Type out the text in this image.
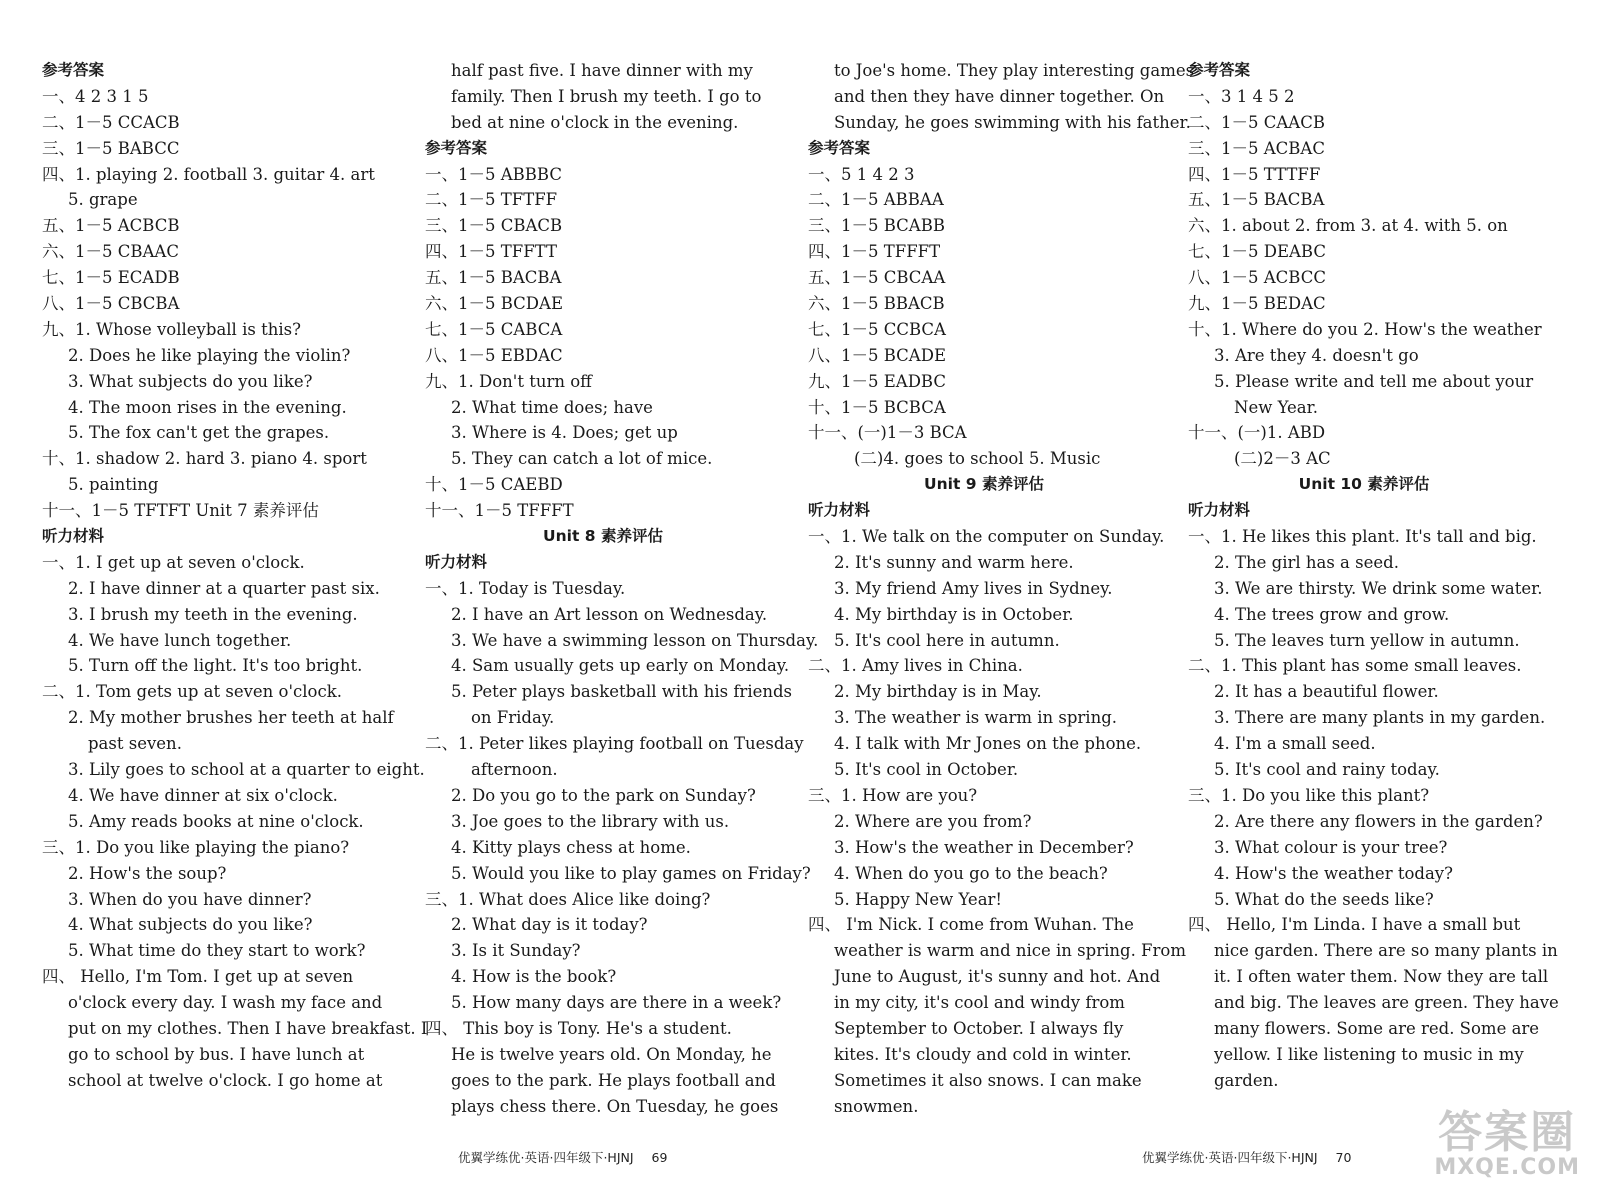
参考答案
一、4 2 3 1 5
二、1－5 CCACB
三、1－5 BABCC
四、1. playing 2. football 3. guitar 4. art
5. grape
五、1－5 ACBCB
六、1－5 CBAAC
七、1－5 ECADB
八、1－5 CBCBA
九、1. Whose volleyball is this?
2. Does he like playing the violin?
3. What subjects do you like?
4. The moon rises in the evening.
5. The fox can't get the grapes.
十、1. shadow 2. hard 3. piano 4. sport
5. painting
十一、1－5 TFTFT Unit 7 素养评估
听力材料
一、1. I get up at seven o'clock.
2. I have dinner at a quarter past six.
3. I brush my teeth in the evening.
4. We have lunch together.
5. Turn off the light. It's too bright.
二、1. Tom gets up at seven o'clock.
2. My mother brushes her teeth at half
past seven.
3. Lily goes to school at a quarter to eight.
4. We have dinner at six o'clock.
5. Amy reads books at nine o'clock.
三、1. Do you like playing the piano?
2. How's the soup?
3. When do you have dinner?
4. What subjects do you like?
5. What time do they start to work?
四、 Hello, I'm Tom. I get up at seven
o'clock every day. I wash my face and
put on my clothes. Then I have breakfast. I
go to school by bus. I have lunch at
school at twelve o'clock. I go home at
half past five. I have dinner with my
family. Then I brush my teeth. I go to
bed at nine o'clock in the evening.
参考答案
一、1－5 ABBBC
二、1－5 TFTFF
三、1－5 CBACB
四、1－5 TFFTT
五、1－5 BACBA
六、1－5 BCDAE
七、1－5 CABCA
八、1－5 EBDAC
九、1. Don't turn off
2. What time does; have
3. Where is 4. Does; get up
5. They can catch a lot of mice.
十、1－5 CAEBD
十一、1－5 TFFFT
Unit 8 素养评估
听力材料
一、1. Today is Tuesday.
2. I have an Art lesson on Wednesday.
3. We have a swimming lesson on Thursday.
4. Sam usually gets up early on Monday.
5. Peter plays basketball with his friends
on Friday.
二、1. Peter likes playing football on Tuesday
afternoon.
2. Do you go to the park on Sunday?
3. Joe goes to the library with us.
4. Kitty plays chess at home.
5. Would you like to play games on Friday?
三、1. What does Alice like doing?
2. What day is it today?
3. Is it Sunday?
4. How is the book?
5. How many days are there in a week?
四、 This boy is Tony. He's a student.
He is twelve years old. On Monday, he
goes to the park. He plays football and
plays chess there. On Tuesday, he goes
to Joe's home. They play interesting games
and then they have dinner together. On
Sunday, he goes swimming with his father.
参考答案
一、5 1 4 2 3
二、1－5 ABBAA
三、1－5 BCABB
四、1－5 TFFFT
五、1－5 CBCAA
六、1－5 BBACB
七、1－5 CCBCA
八、1－5 BCADE
九、1－5 EADBC
十、1－5 BCBCA
十一、(一)1－3 BCA
(二)4. goes to school 5. Music
Unit 9 素养评估
听力材料
一、1. We talk on the computer on Sunday.
2. It's sunny and warm here.
3. My friend Amy lives in Sydney.
4. My birthday is in October.
5. It's cool here in autumn.
二、1. Amy lives in China.
2. My birthday is in May.
3. The weather is warm in spring.
4. I talk with Mr Jones on the phone.
5. It's cool in October.
三、1. How are you?
2. Where are you from?
3. How's the weather in December?
4. When do you go to the beach?
5. Happy New Year!
四、 I'm Nick. I come from Wuhan. The
weather is warm and nice in spring. From
June to August, it's sunny and hot. And
in my city, it's cool and windy from
September to October. I always fly
kites. It's cloudy and cold in winter.
Sometimes it also snows. I can make
snowmen.
参考答案
一、3 1 4 5 2
二、1－5 CAACB
三、1－5 ACBAC
四、1－5 TTTFF
五、1－5 BACBA
六、1. about 2. from 3. at 4. with 5. on
七、1－5 DEABC
八、1－5 ACBCC
九、1－5 BEDAC
十、1. Where do you 2. How's the weather
3. Are they 4. doesn't go
5. Please write and tell me about your
New Year.
十一、(一)1. ABD
(二)2－3 AC
Unit 10 素养评估
听力材料
一、1. He likes this plant. It's tall and big.
2. The girl has a seed.
3. We are thirsty. We drink some water.
4. The trees grow and grow.
5. The leaves turn yellow in autumn.
二、1. This plant has some small leaves.
2. It has a beautiful flower.
3. There are many plants in my garden.
4. I'm a small seed.
5. It's cool and rainy today.
三、1. Do you like this plant?
2. Are there any flowers in the garden?
3. What colour is your tree?
4. How's the weather today?
5. What do the seeds like?
四、 Hello, I'm Linda. I have a small but
nice garden. There are so many plants in
it. I often water them. Now they are tall
and big. The leaves are green. They have
many flowers. Some are red. Some are
yellow. I like listening to music in my
garden.
优翼学练优·英语·四年级下·HJNJ 69	优翼学练优·英语·四年级下·HJNJ 70 答案圈
MXQE.COM
